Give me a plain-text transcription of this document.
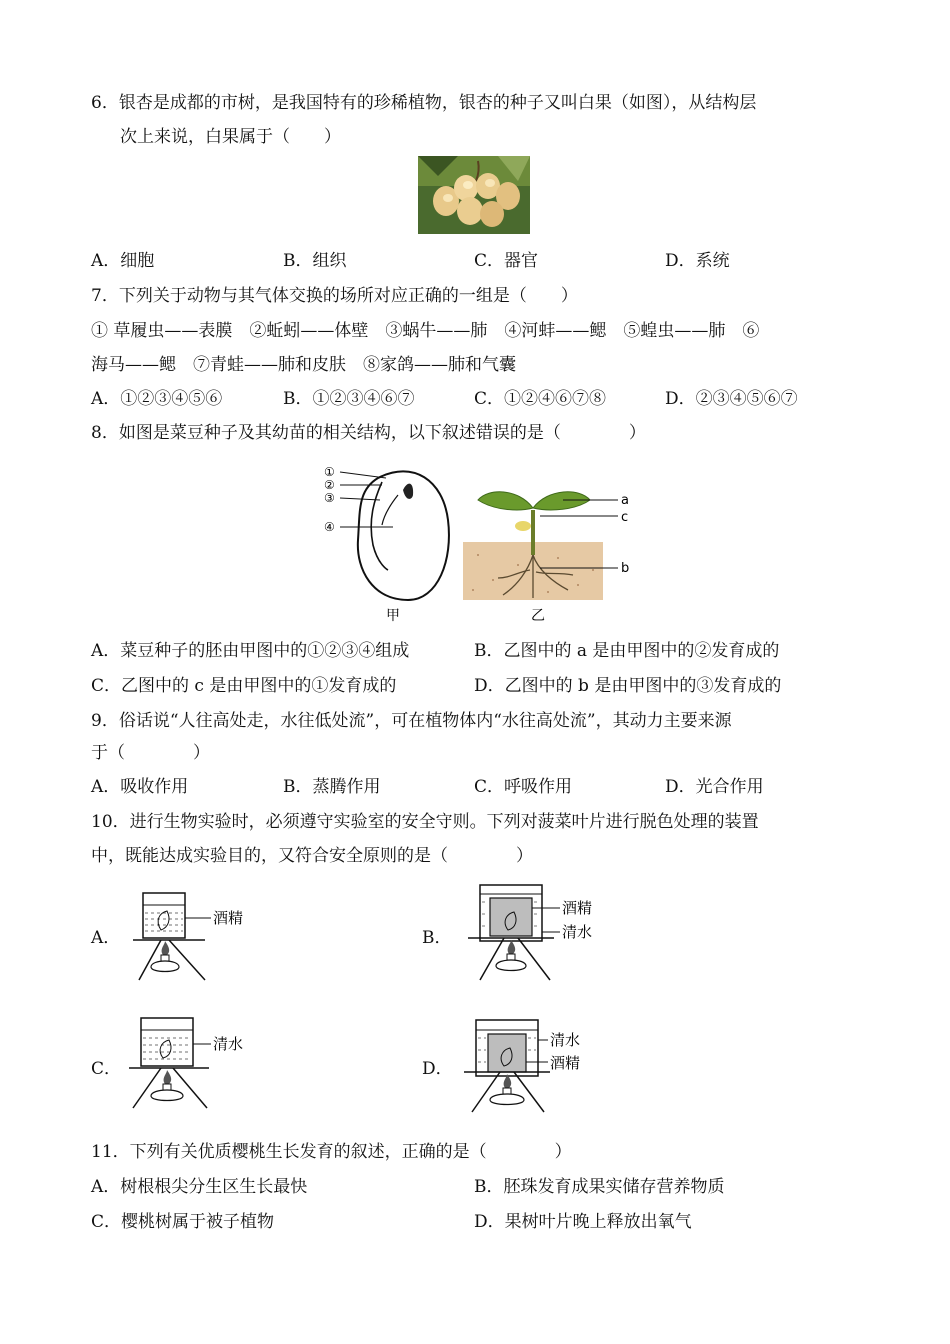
6．银杏是成都的市树，是我国特有的珍稀植物，银杏的种子又叫白果（如图），从结构层
次上来说，白果属于（　　）
A．细胞	B．组织	C．器官	D．系统
7．下列关于动物与其气体交换的场所对应正确的一组是（　　）
① 草履虫——表膜　②蚯蚓——体壁　③蜗牛——肺　④河蚌——鳃　⑤蝗虫——肺　⑥
海马——鳃　⑦青蛙——肺和皮肤　⑧家鸽——肺和气囊
A．①②③④⑤⑥	B．①②③④⑥⑦	C．①②④⑥⑦⑧	D．②③④⑤⑥⑦
8．如图是菜豆种子及其幼苗的相关结构，以下叙述错误的是（　　　　）
①
②
③
④
甲
a
c
b
乙
A．菜豆种子的胚由甲图中的①②③④组成	B．乙图中的 a 是由甲图中的②发育成的
C．乙图中的 c 是由甲图中的①发育成的	D．乙图中的 b 是由甲图中的③发育成的
9．俗话说“人往高处走，水往低处流”，可在植物体内“水往高处流”，其动力主要来源
于（　　　　）
A．吸收作用	B．蒸腾作用	C．呼吸作用	D．光合作用
10．进行生物实验时，必须遵守实验室的安全守则。下列对菠菜叶片进行脱色处理的装置
中，既能达成实验目的，又符合安全原则的是（　　　　）
A．
酒精
B．
酒精
清水
C．
清水
D．
清水
酒精
11．下列有关优质樱桃生长发育的叙述，正确的是（　　　　）
A．树根根尖分生区生长最快	B．胚珠发育成果实储存营养物质
C．樱桃树属于被子植物	D．果树叶片晚上释放出氧气
